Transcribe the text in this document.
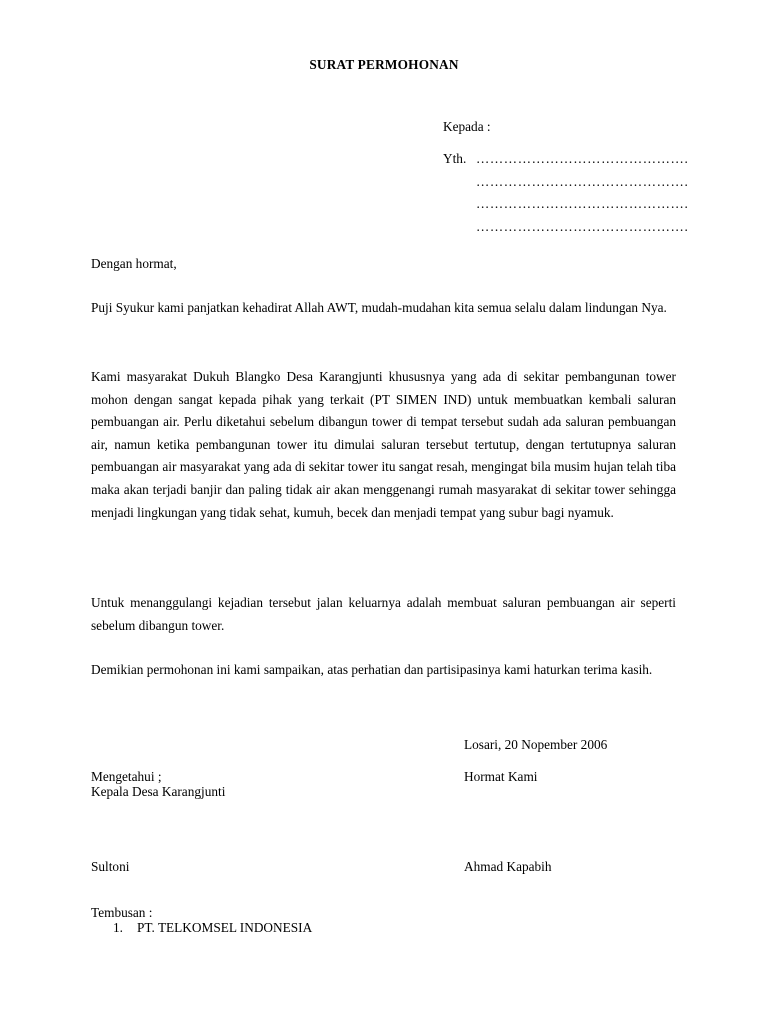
SURAT PERMOHONAN
Kepada :
Yth. ……………………………………….
……………………………………….
……………………………………….
……………………………………….
Dengan hormat,
Puji Syukur kami panjatkan kehadirat Allah AWT, mudah-mudahan kita semua selalu dalam lindungan Nya.
Kami masyarakat Dukuh Blangko Desa Karangjunti khususnya yang ada di sekitar pembangunan tower mohon dengan sangat kepada pihak yang terkait (PT SIMEN IND) untuk membuatkan kembali saluran pembuangan air. Perlu diketahui sebelum dibangun tower di tempat tersebut sudah ada saluran pembuangan air, namun ketika pembangunan tower itu dimulai saluran tersebut tertutup, dengan tertutupnya saluran pembuangan air masyarakat yang ada di sekitar tower itu sangat resah, mengingat bila musim hujan telah tiba maka akan terjadi banjir dan paling tidak air akan menggenangi rumah masyarakat di sekitar tower sehingga menjadi lingkungan yang tidak sehat, kumuh, becek dan menjadi tempat yang subur bagi nyamuk.
Untuk menanggulangi kejadian tersebut jalan keluarnya adalah membuat saluran pembuangan air seperti sebelum dibangun tower.
Demikian permohonan ini kami sampaikan, atas perhatian dan partisipasinya kami haturkan terima kasih.
Losari, 20 Nopember 2006
Mengetahui ;
Kepala Desa Karangjunti
Hormat Kami
Sultoni	Ahmad Kapabih
Tembusan :
1. PT. TELKOMSEL INDONESIA
